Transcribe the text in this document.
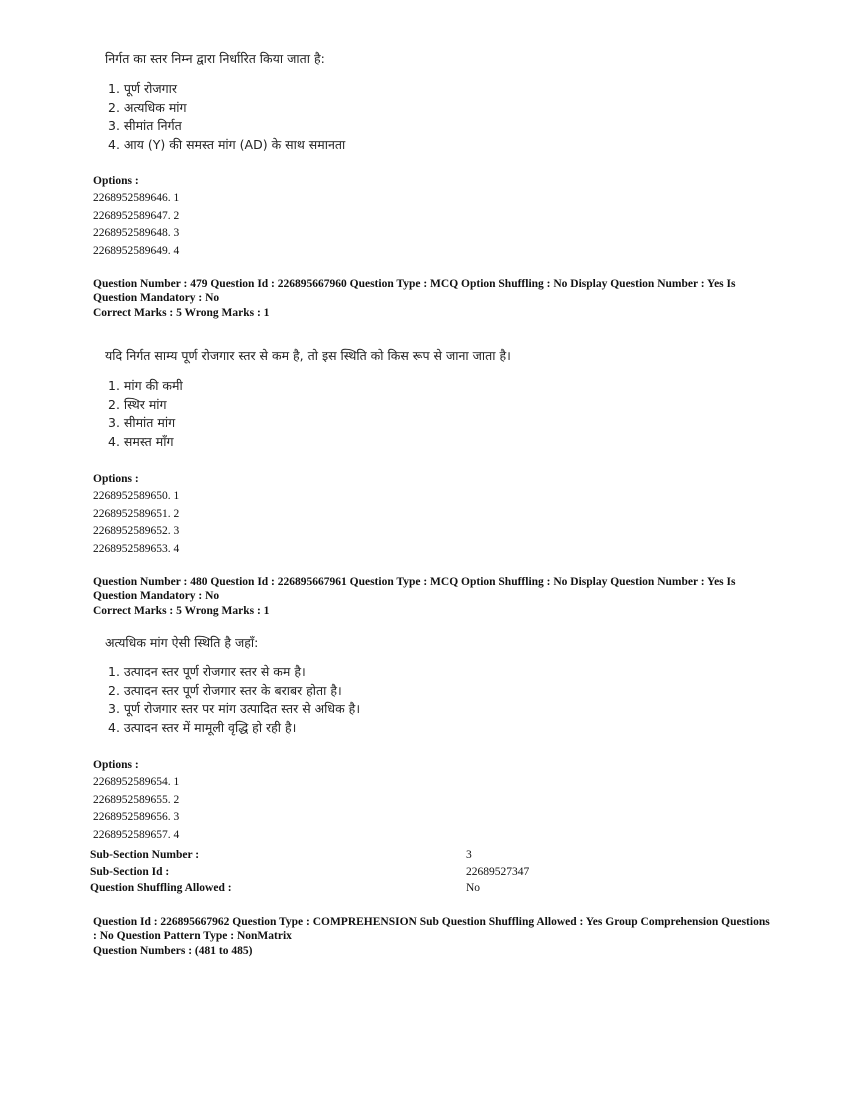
निर्गत का स्तर निम्न द्वारा निर्धारित किया जाता है:
1. पूर्ण रोजगार
2. अत्यधिक मांग
3. सीमांत निर्गत
4. आय (Y) की समस्त मांग (AD) के साथ समानता
Options :
2268952589646. 1
2268952589647. 2
2268952589648. 3
2268952589649. 4
Question Number : 479 Question Id : 226895667960 Question Type : MCQ Option Shuffling : No Display Question Number : Yes Is Question Mandatory : No
Correct Marks : 5 Wrong Marks : 1
यदि निर्गत साम्य पूर्ण रोजगार स्तर से कम है, तो इस स्थिति को किस रूप से जाना जाता है।
1. मांग की कमी
2. स्थिर मांग
3. सीमांत मांग
4. समस्त माँग
Options :
2268952589650. 1
2268952589651. 2
2268952589652. 3
2268952589653. 4
Question Number : 480 Question Id : 226895667961 Question Type : MCQ Option Shuffling : No Display Question Number : Yes Is Question Mandatory : No
Correct Marks : 5 Wrong Marks : 1
अत्यधिक मांग ऐसी स्थिति है जहाँ:
1. उत्पादन स्तर पूर्ण रोजगार स्तर से कम है।
2. उत्पादन स्तर पूर्ण रोजगार स्तर के बराबर होता है।
3. पूर्ण रोजगार स्तर पर मांग उत्पादित स्तर से अधिक है।
4. उत्पादन स्तर में मामूली वृद्धि हो रही है।
Options :
2268952589654. 1
2268952589655. 2
2268952589656. 3
2268952589657. 4
Sub-Section Number :	3
Sub-Section Id :	22689527347
Question Shuffling Allowed :	No
Question Id : 226895667962 Question Type : COMPREHENSION Sub Question Shuffling Allowed : Yes Group Comprehension Questions : No Question Pattern Type : NonMatrix
Question Numbers : (481 to 485)
